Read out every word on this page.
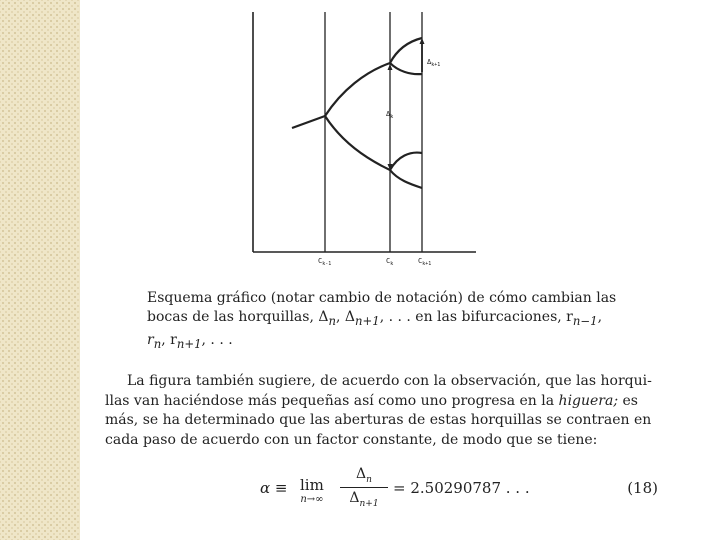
$\Delta_{k+1}$
$\Delta_k$
$C_{k-1}$	$C_k$	$C_{k+1}$

Esquema gráfico (notar cambio de notación) de cómo cambian las

bocas de las horquillas, $\Delta_n$, $\Delta_{n+1}$, . . . en las bifurcaciones, $r_{n-1}$,

$r_n$, $r_{n+1}$, . . .

La figura también sugiere, de acuerdo con la observación, que las horqui-

llas van haciéndose más pequeñas así como uno progresa en la higuera; es

más, se ha determinado que las aberturas de estas horquillas se contraen en

cada paso de acuerdo con un factor constante, de modo que se tiene:

α ≡ lim
n→∞
$\Delta_n$
$\Delta_{n+1}$
= 2.50290787 . . .	(18)
